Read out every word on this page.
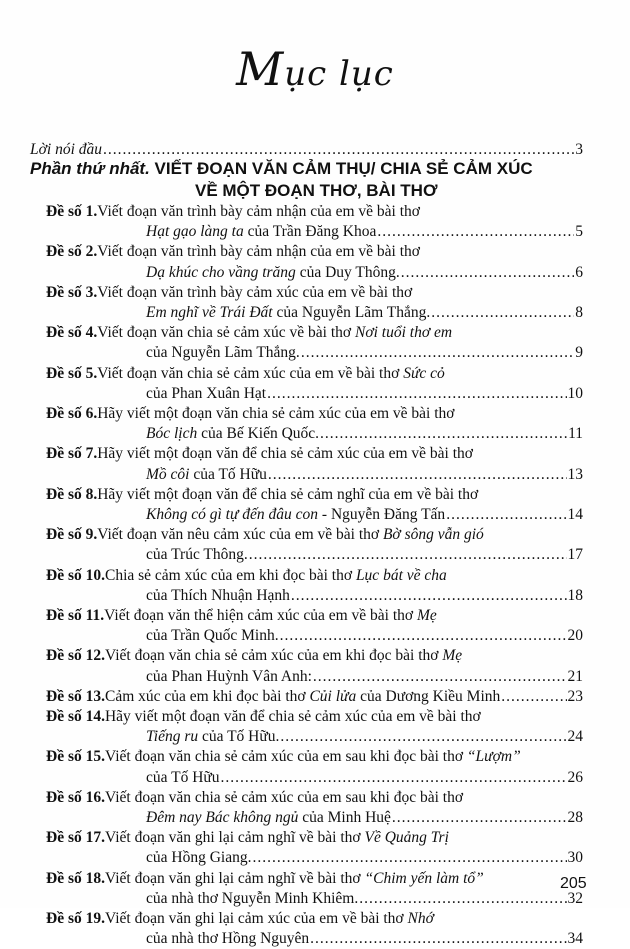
Mục lục
Lời nói đầu .....	3
Phần thứ nhất. VIẾT ĐOẠN VĂN CẢM THỤ/ CHIA SẺ CẢM XÚC
VỀ MỘT ĐOẠN THƠ, BÀI THƠ
Đề số 1. Viết đoạn văn trình bày cảm nhận của em về bài thơ
Hạt gạo làng ta của Trần Đăng Khoa .....	5
Đề số 2. Viết đoạn văn trình bày cảm nhận của em về bài thơ
Dạ khúc cho vầng trăng của Duy Thông. .....	6
Đề số 3. Viết đoạn văn trình bày cảm xúc của em về bài thơ
Em nghĩ về Trái Đất của Nguyễn Lãm Thắng. .....	8
Đề số 4. Viết đoạn văn chia sẻ cảm xúc về bài thơ Nơi tuổi thơ em
của Nguyễn Lãm Thắng. .....	9
Đề số 5. Viết đoạn văn chia sẻ cảm xúc của em về bài thơ Sức cỏ
của Phan Xuân Hạt .....	10
Đề số 6. Hãy viết một đoạn văn chia sẻ cảm xúc của em về bài thơ
Bóc lịch của Bế Kiến Quốc. .....	11
Đề số 7. Hãy viết một đoạn văn để chia sẻ cảm xúc của em về bài thơ
Mồ côi của Tố Hữu .....	13
Đề số 8. Hãy viết một đoạn văn để chia sẻ cảm nghĩ của em về bài thơ
Không có gì tự đến đâu con - Nguyễn Đăng Tấn .....	14
Đề số 9. Viết đoạn văn nêu cảm xúc của em về bài thơ Bờ sông vẫn gió
của Trúc Thông. .....	17
Đề số 10. Chia sẻ cảm xúc của em khi đọc bài thơ Lục bát về cha
của Thích Nhuận Hạnh .....	18
Đề số 11. Viết đoạn văn thể hiện cảm xúc của em về bài thơ Mẹ
của Trần Quốc Minh. .....	20
Đề số 12. Viết đoạn văn chia sẻ cảm xúc của em khi đọc bài thơ Mẹ
của Phan Huỳnh Vân Anh: .....	21
Đề số 13. Cảm xúc của em khi đọc bài thơ Củi lửa của Dương Kiều Minh .....	23
Đề số 14. Hãy viết một đoạn văn để chia sẻ cảm xúc của em về bài thơ
Tiếng ru của Tố Hữu. .....	24
Đề số 15. Viết đoạn văn chia sẻ cảm xúc của em sau khi đọc bài thơ “Lượm”
của Tố Hữu .....	26
Đề số 16. Viết đoạn văn chia sẻ cảm xúc của em sau khi đọc bài thơ
Đêm nay Bác không ngủ của Minh Huệ .....	28
Đề số 17. Viết đoạn văn ghi lại cảm nghĩ về bài thơ Về Quảng Trị
của Hồng Giang. .....	30
Đề số 18. Viết đoạn văn ghi lại cảm nghĩ về bài thơ “Chim yến làm tổ”
của nhà thơ Nguyễn Minh Khiêm. .....	32
Đề số 19. Viết đoạn văn ghi lại cảm xúc của em về bài thơ Nhớ
của nhà thơ Hồng Nguyên .....	34
205
